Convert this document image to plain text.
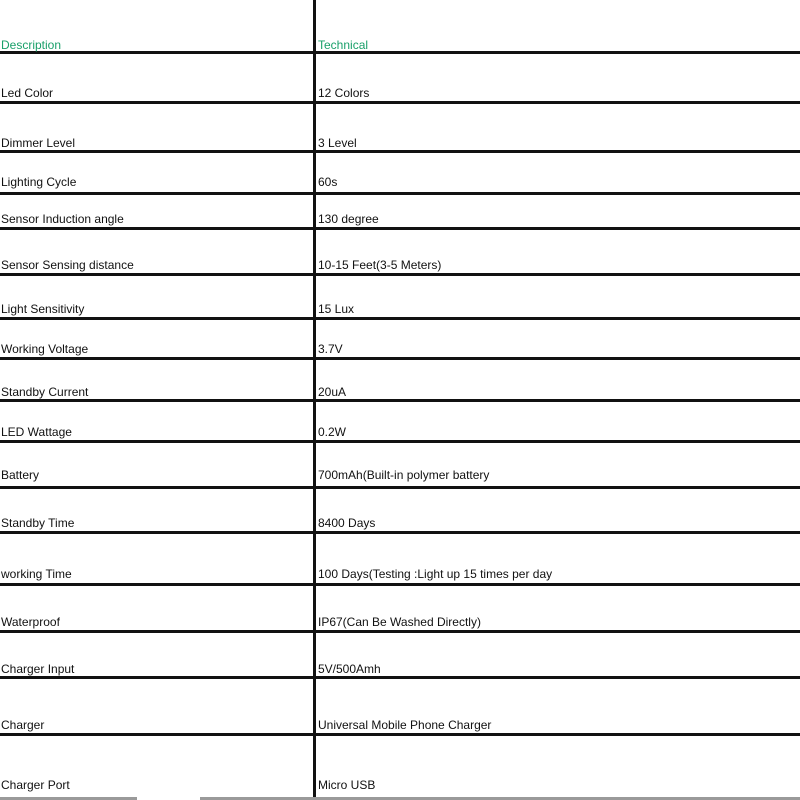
Description	Technical
Led Color	12 Colors
Dimmer Level	3 Level
Lighting Cycle	60s
Sensor Induction angle	130 degree
Sensor Sensing distance	10-15 Feet(3-5 Meters)
Light Sensitivity	15 Lux
Working Voltage	3.7V
Standby Current	20uA
LED Wattage	0.2W
Battery	700mAh(Built-in polymer battery
Standby Time	8400 Days
working Time	100 Days(Testing :Light up 15 times per day
Waterproof	IP67(Can Be Washed Directly)
Charger Input	5V/500Amh
Charger	Universal Mobile Phone Charger
Charger Port	Micro USB
